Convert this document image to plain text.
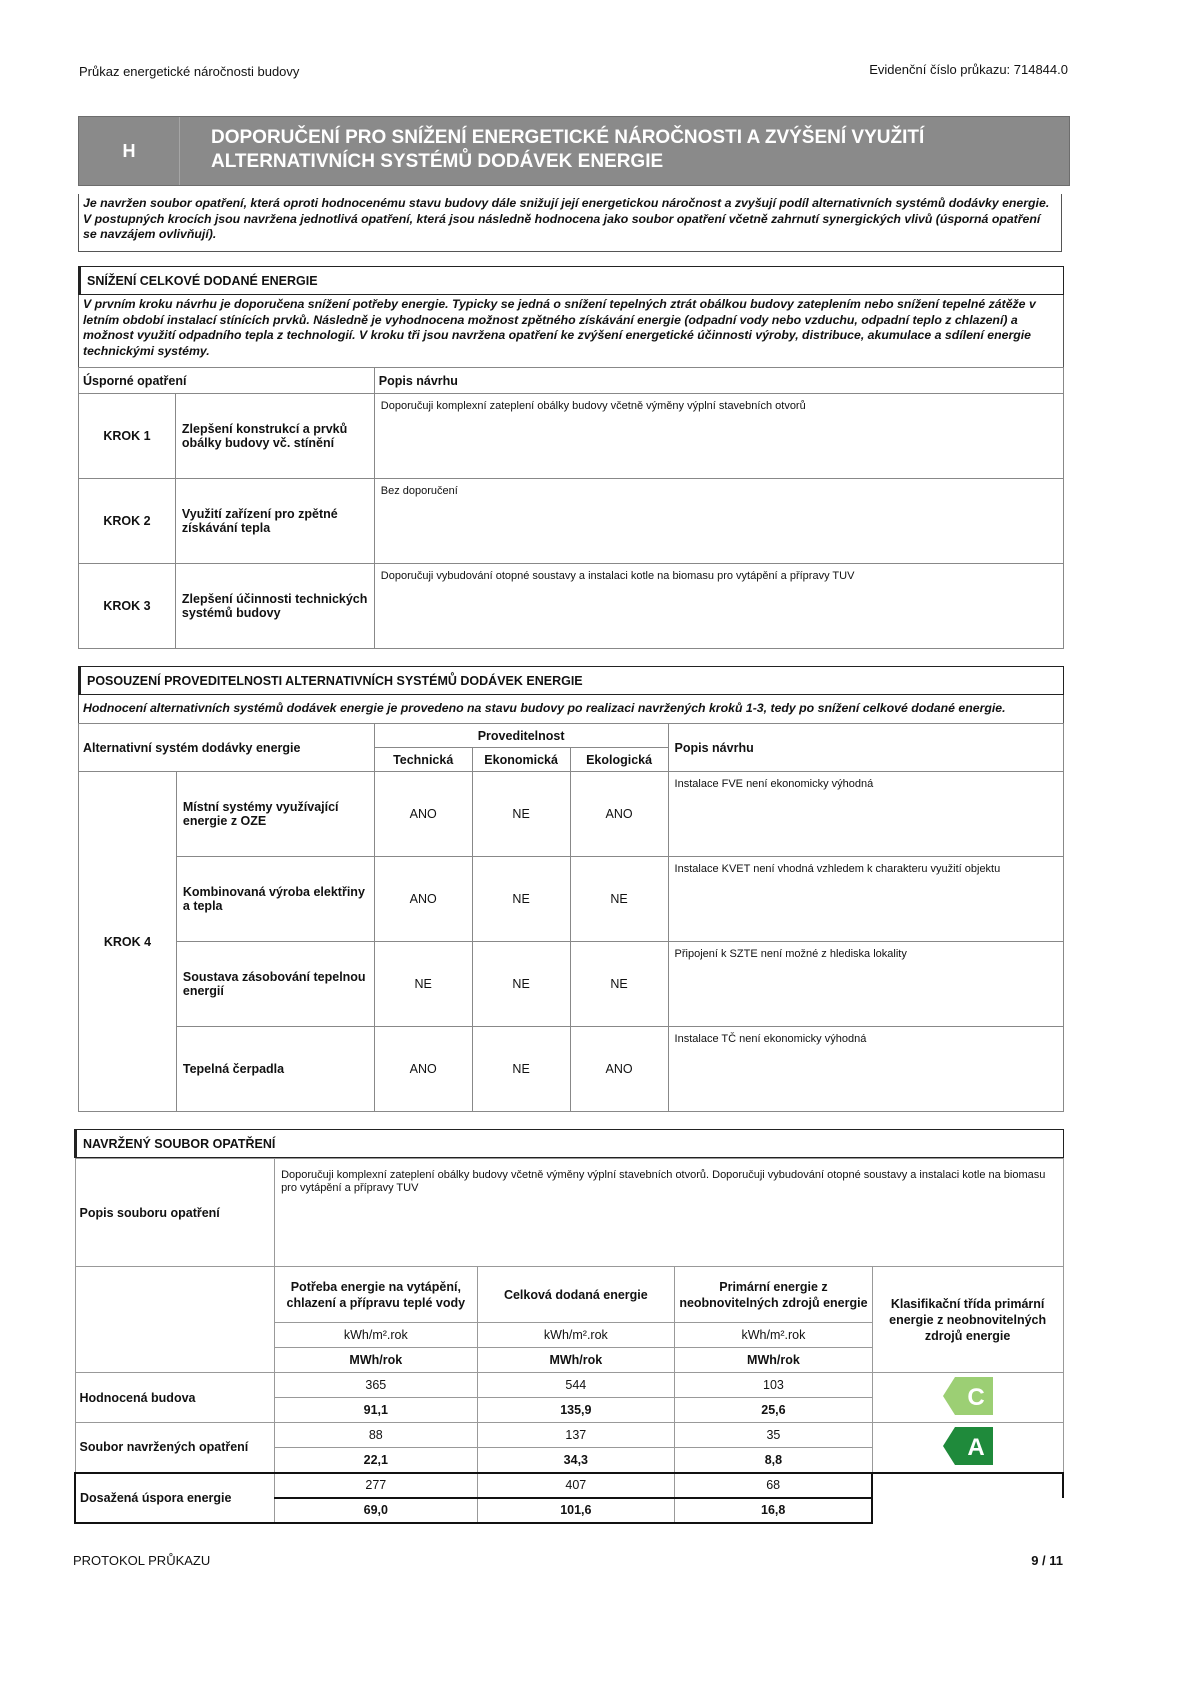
Průkaz energetické náročnosti budovy	Evidenční číslo průkazu: 714844.0
H
DOPORUČENÍ PRO SNÍŽENÍ ENERGETICKÉ NÁROČNOSTI A ZVÝŠENÍ VYUŽITÍ ALTERNATIVNÍCH SYSTÉMŮ DODÁVEK ENERGIE
Je navržen soubor opatření, která oproti hodnocenému stavu budovy dále snižují její energetickou náročnost a zvyšují podíl alternativních systémů dodávky energie. V postupných krocích jsou navržena jednotlivá opatření, která jsou následně hodnocena jako soubor opatření včetně zahrnutí synergických vlivů (úsporná opatření se navzájem ovlivňují).
SNÍŽENÍ CELKOVÉ DODANÉ ENERGIE
V prvním kroku návrhu je doporučena snížení potřeby energie. Typicky se jedná o snížení tepelných ztrát obálkou budovy zateplením nebo snížení tepelné zátěže v letním období instalací stínících prvků. Následně je vyhodnocena možnost zpětného získávání energie (odpadní vody nebo vzduchu, odpadní teplo z chlazení) a možnost využití odpadního tepla z technologií. V kroku tři jsou navržena opatření ke zvýšení energetické účinnosti výroby, distribuce, akumulace a sdílení energie technickými systémy.
Úsporné opatření		Popis návrhu
KROK 1	Zlepšení konstrukcí a prvků obálky budovy vč. stínění	Doporučuji komplexní zateplení obálky budovy včetně výměny výplní stavebních otvorů
KROK 2	Využití zařízení pro zpětné získávání tepla	Bez doporučení
KROK 3	Zlepšení účinnosti technických systémů budovy	Doporučuji vybudování otopné soustavy a instalaci kotle na biomasu pro vytápění a přípravy TUV
POSOUZENÍ PROVEDITELNOSTI ALTERNATIVNÍCH SYSTÉMŮ DODÁVEK ENERGIE
Hodnocení alternativních systémů dodávek energie je provedeno na stavu budovy po realizaci navržených kroků 1-3, tedy po snížení celkové dodané energie.
Alternativní systém dodávky energie		Proveditelnost			Popis návrhu
		Technická	Ekonomická	Ekologická	
KROK 4	Místní systémy využívající energie z OZE	ANO	NE	ANO	Instalace FVE není ekonomicky výhodná
	Kombinovaná výroba elektřiny a tepla	ANO	NE	NE	Instalace KVET není vhodná vzhledem k charakteru využití objektu
	Soustava zásobování tepelnou energií	NE	NE	NE	Připojení k SZTE není možné z hlediska lokality
	Tepelná čerpadla	ANO	NE	ANO	Instalace TČ není ekonomicky výhodná
NAVRŽENÝ SOUBOR OPATŘENÍ
Popis souboru opatření	Doporučuji komplexní zateplení obálky budovy včetně výměny výplní stavebních otvorů. Doporučuji vybudování otopné soustavy a instalaci kotle na biomasu pro vytápění a přípravy TUV			
	Potřeba energie na vytápění, chlazení a přípravu teplé vody	Celková dodaná energie	Primární energie z neobnovitelných zdrojů energie	Klasifikační třída primární energie z neobnovitelných zdrojů energie
	kWh/m².rok	kWh/m².rok	kWh/m².rok	
	MWh/rok	MWh/rok	MWh/rok	
Hodnocená budova	365	544	103	C

	91,1	135,9	25,6	
Soubor navržených opatření	88	137	35	A

	22,1	34,3	8,8	
Dosažená úspora energie	277	407	68	
	69,0	101,6	16,8	
PROTOKOL PRŮKAZU	9 / 11
